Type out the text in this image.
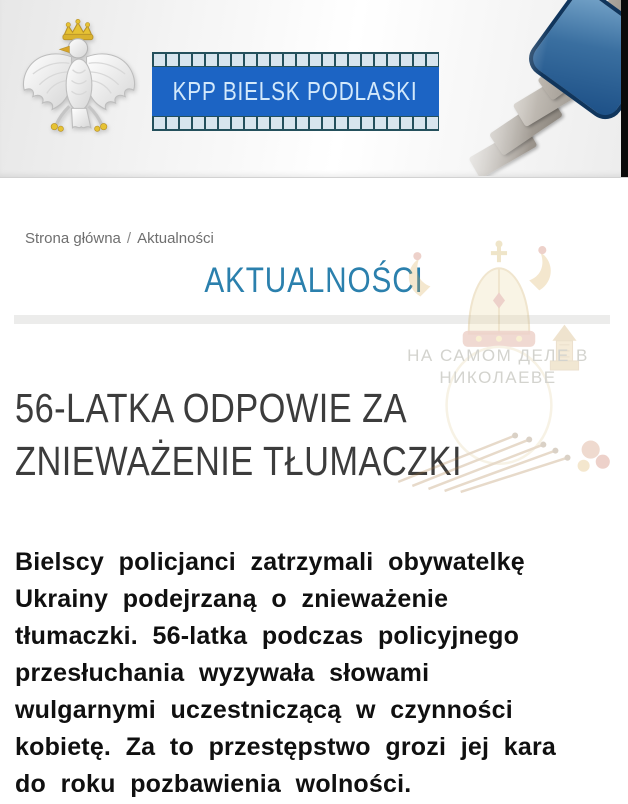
KPP BIELSK PODLASKI
Strona główna / Aktualności
AKTUALNOŚCI
НА САМОМ ДЕЛЕ В
НИКОЛАЕВЕ
56-LATKA ODPOWIE ZA
ZNIEWAŻENIE TŁUMACZKI
Bielscy policjanci zatrzymali obywatelkę
Ukrainy podejrzaną o znieważenie
tłumaczki. 56-latka podczas policyjnego
przesłuchania wyzywała słowami
wulgarnymi uczestniczącą w czynności
kobietę. Za to przestępstwo grozi jej kara
do roku pozbawienia wolności.
